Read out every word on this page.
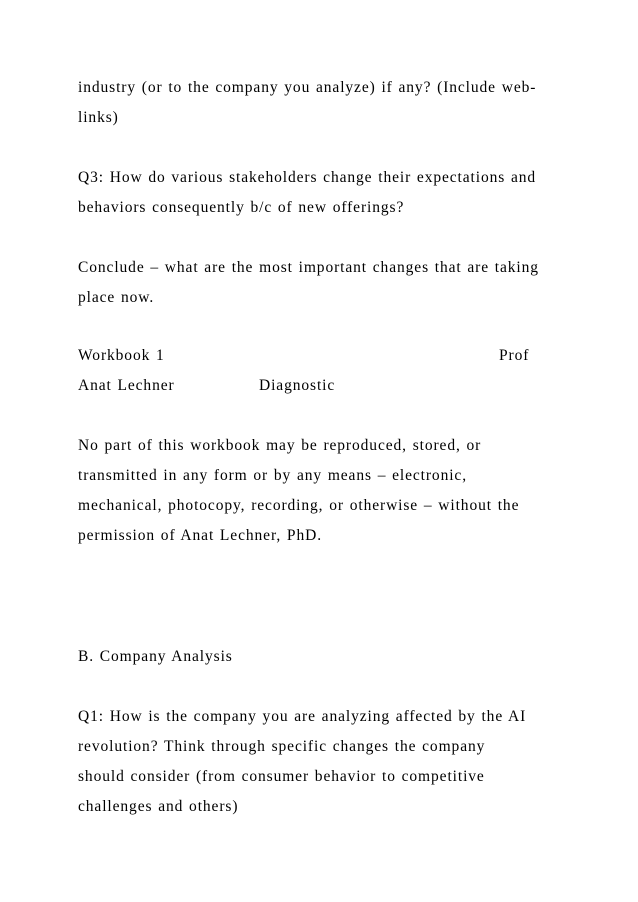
industry (or to the company you analyze) if any? (Include web-
links)
Q3: How do various stakeholders change their expectations and
behaviors consequently b/c of new offerings?
Conclude – what are the most important changes that are taking
place now.
Workbook 1	Prof
Anat Lechner	Diagnostic
No part of this workbook may be reproduced, stored, or
transmitted in any form or by any means – electronic,
mechanical, photocopy, recording, or otherwise – without the
permission of Anat Lechner, PhD.
B. Company Analysis
Q1: How is the company you are analyzing affected by the AI
revolution? Think through specific changes the company
should consider (from consumer behavior to competitive
challenges and others)
